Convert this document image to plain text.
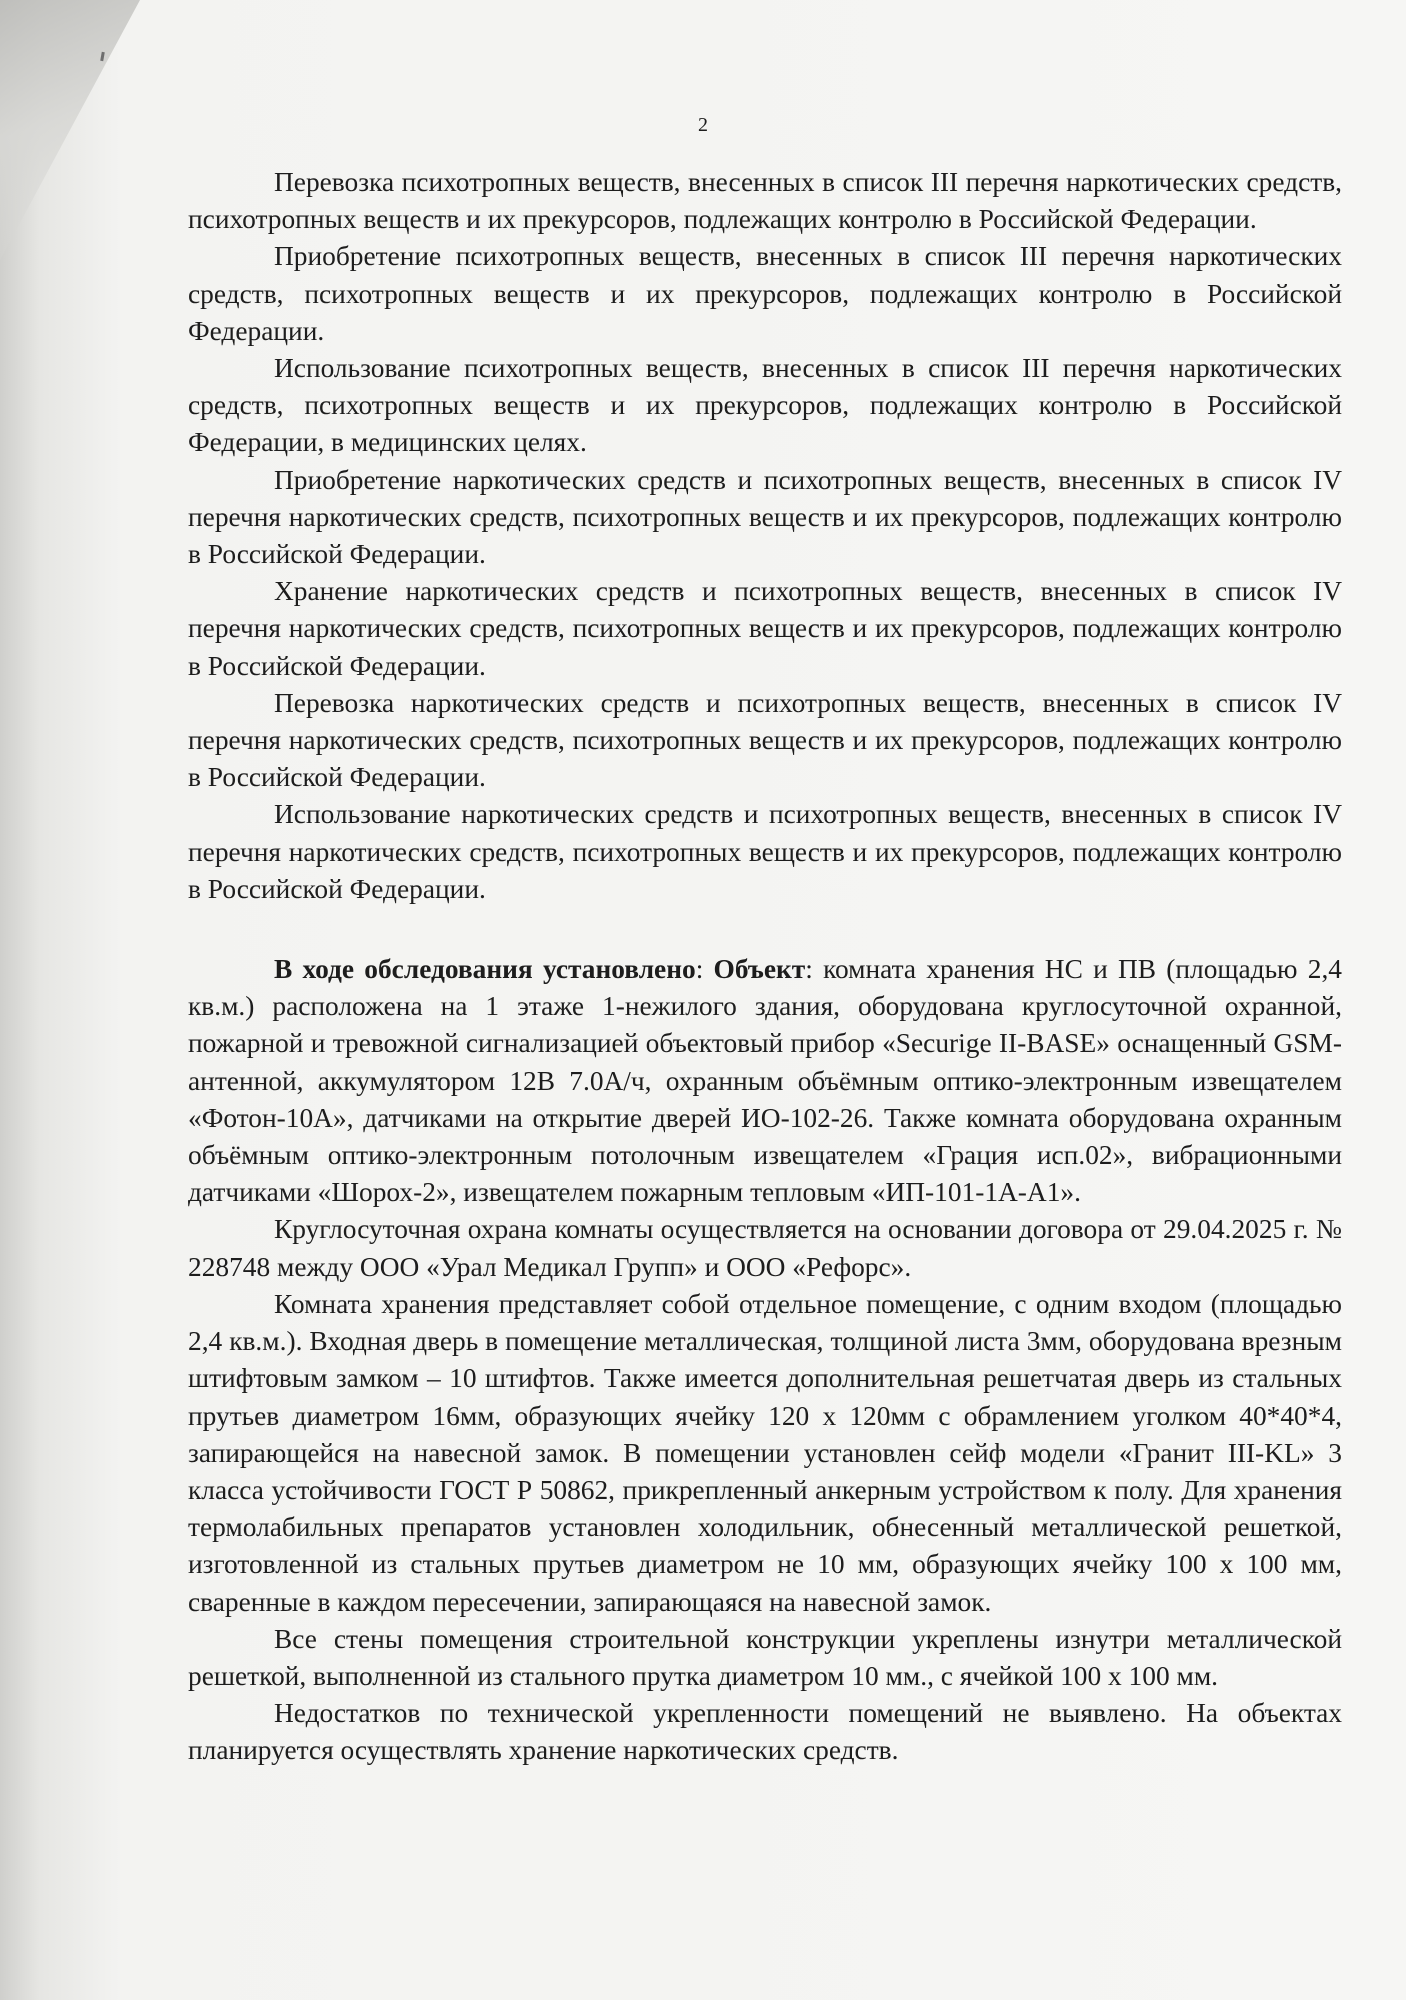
2

Перевозка психотропных веществ, внесенных в список III перечня наркотических средств, психотропных веществ и их прекурсоров, подлежащих контролю в Российской Федерации.

Приобретение психотропных веществ, внесенных в список III перечня наркотических средств, психотропных веществ и их прекурсоров, подлежащих контролю в Российской Федерации.

Использование психотропных веществ, внесенных в список III перечня наркотических средств, психотропных веществ и их прекурсоров, подлежащих контролю в Российской Федерации, в медицинских целях.

Приобретение наркотических средств и психотропных веществ, внесенных в список IV перечня наркотических средств, психотропных веществ и их прекурсоров, подлежащих контролю в Российской Федерации.

Хранение наркотических средств и психотропных веществ, внесенных в список IV перечня наркотических средств, психотропных веществ и их прекурсоров, подлежащих контролю в Российской Федерации.

Перевозка наркотических средств и психотропных веществ, внесенных в список IV перечня наркотических средств, психотропных веществ и их прекурсоров, подлежащих контролю в Российской Федерации.

Использование наркотических средств и психотропных веществ, внесенных в список IV перечня наркотических средств, психотропных веществ и их прекурсоров, подлежащих контролю в Российской Федерации.

В ходе обследования установлено: Объект: комната хранения НС и ПВ (площадью 2,4 кв.м.) расположена на 1 этаже 1-нежилого здания, оборудована круглосуточной охранной, пожарной и тревожной сигнализацией объектовый прибор «Securige II-BASE» оснащенный GSM-антенной, аккумулятором 12В 7.0А/ч, охранным объёмным оптико-электронным извещателем «Фотон-10А», датчиками на открытие дверей ИО-102-26. Также комната оборудована охранным объёмным оптико-электронным потолочным извещателем «Грация исп.02», вибрационными датчиками «Шорох-2», извещателем пожарным тепловым «ИП-101-1А-А1».

Круглосуточная охрана комнаты осуществляется на основании договора от 29.04.2025 г. № 228748 между ООО «Урал Медикал Групп» и ООО «Рефорс».

Комната хранения представляет собой отдельное помещение, с одним входом (площадью 2,4 кв.м.). Входная дверь в помещение металлическая, толщиной листа 3мм, оборудована врезным штифтовым замком – 10 штифтов. Также имеется дополнительная решетчатая дверь из стальных прутьев диаметром 16мм, образующих ячейку 120 х 120мм с обрамлением уголком 40*40*4, запирающейся на навесной замок. В помещении установлен сейф модели «Гранит III-KL» 3 класса устойчивости ГОСТ Р 50862, прикрепленный анкерным устройством к полу. Для хранения термолабильных препаратов установлен холодильник, обнесенный металлической решеткой, изготовленной из стальных прутьев диаметром не 10 мм, образующих ячейку 100 х 100 мм, сваренные в каждом пересечении, запирающаяся на навесной замок.

Все стены помещения строительной конструкции укреплены изнутри металлической решеткой, выполненной из стального прутка диаметром 10 мм., с ячейкой 100 х 100 мм.

Недостатков по технической укрепленности помещений не выявлено. На объектах планируется осуществлять хранение наркотических средств.
